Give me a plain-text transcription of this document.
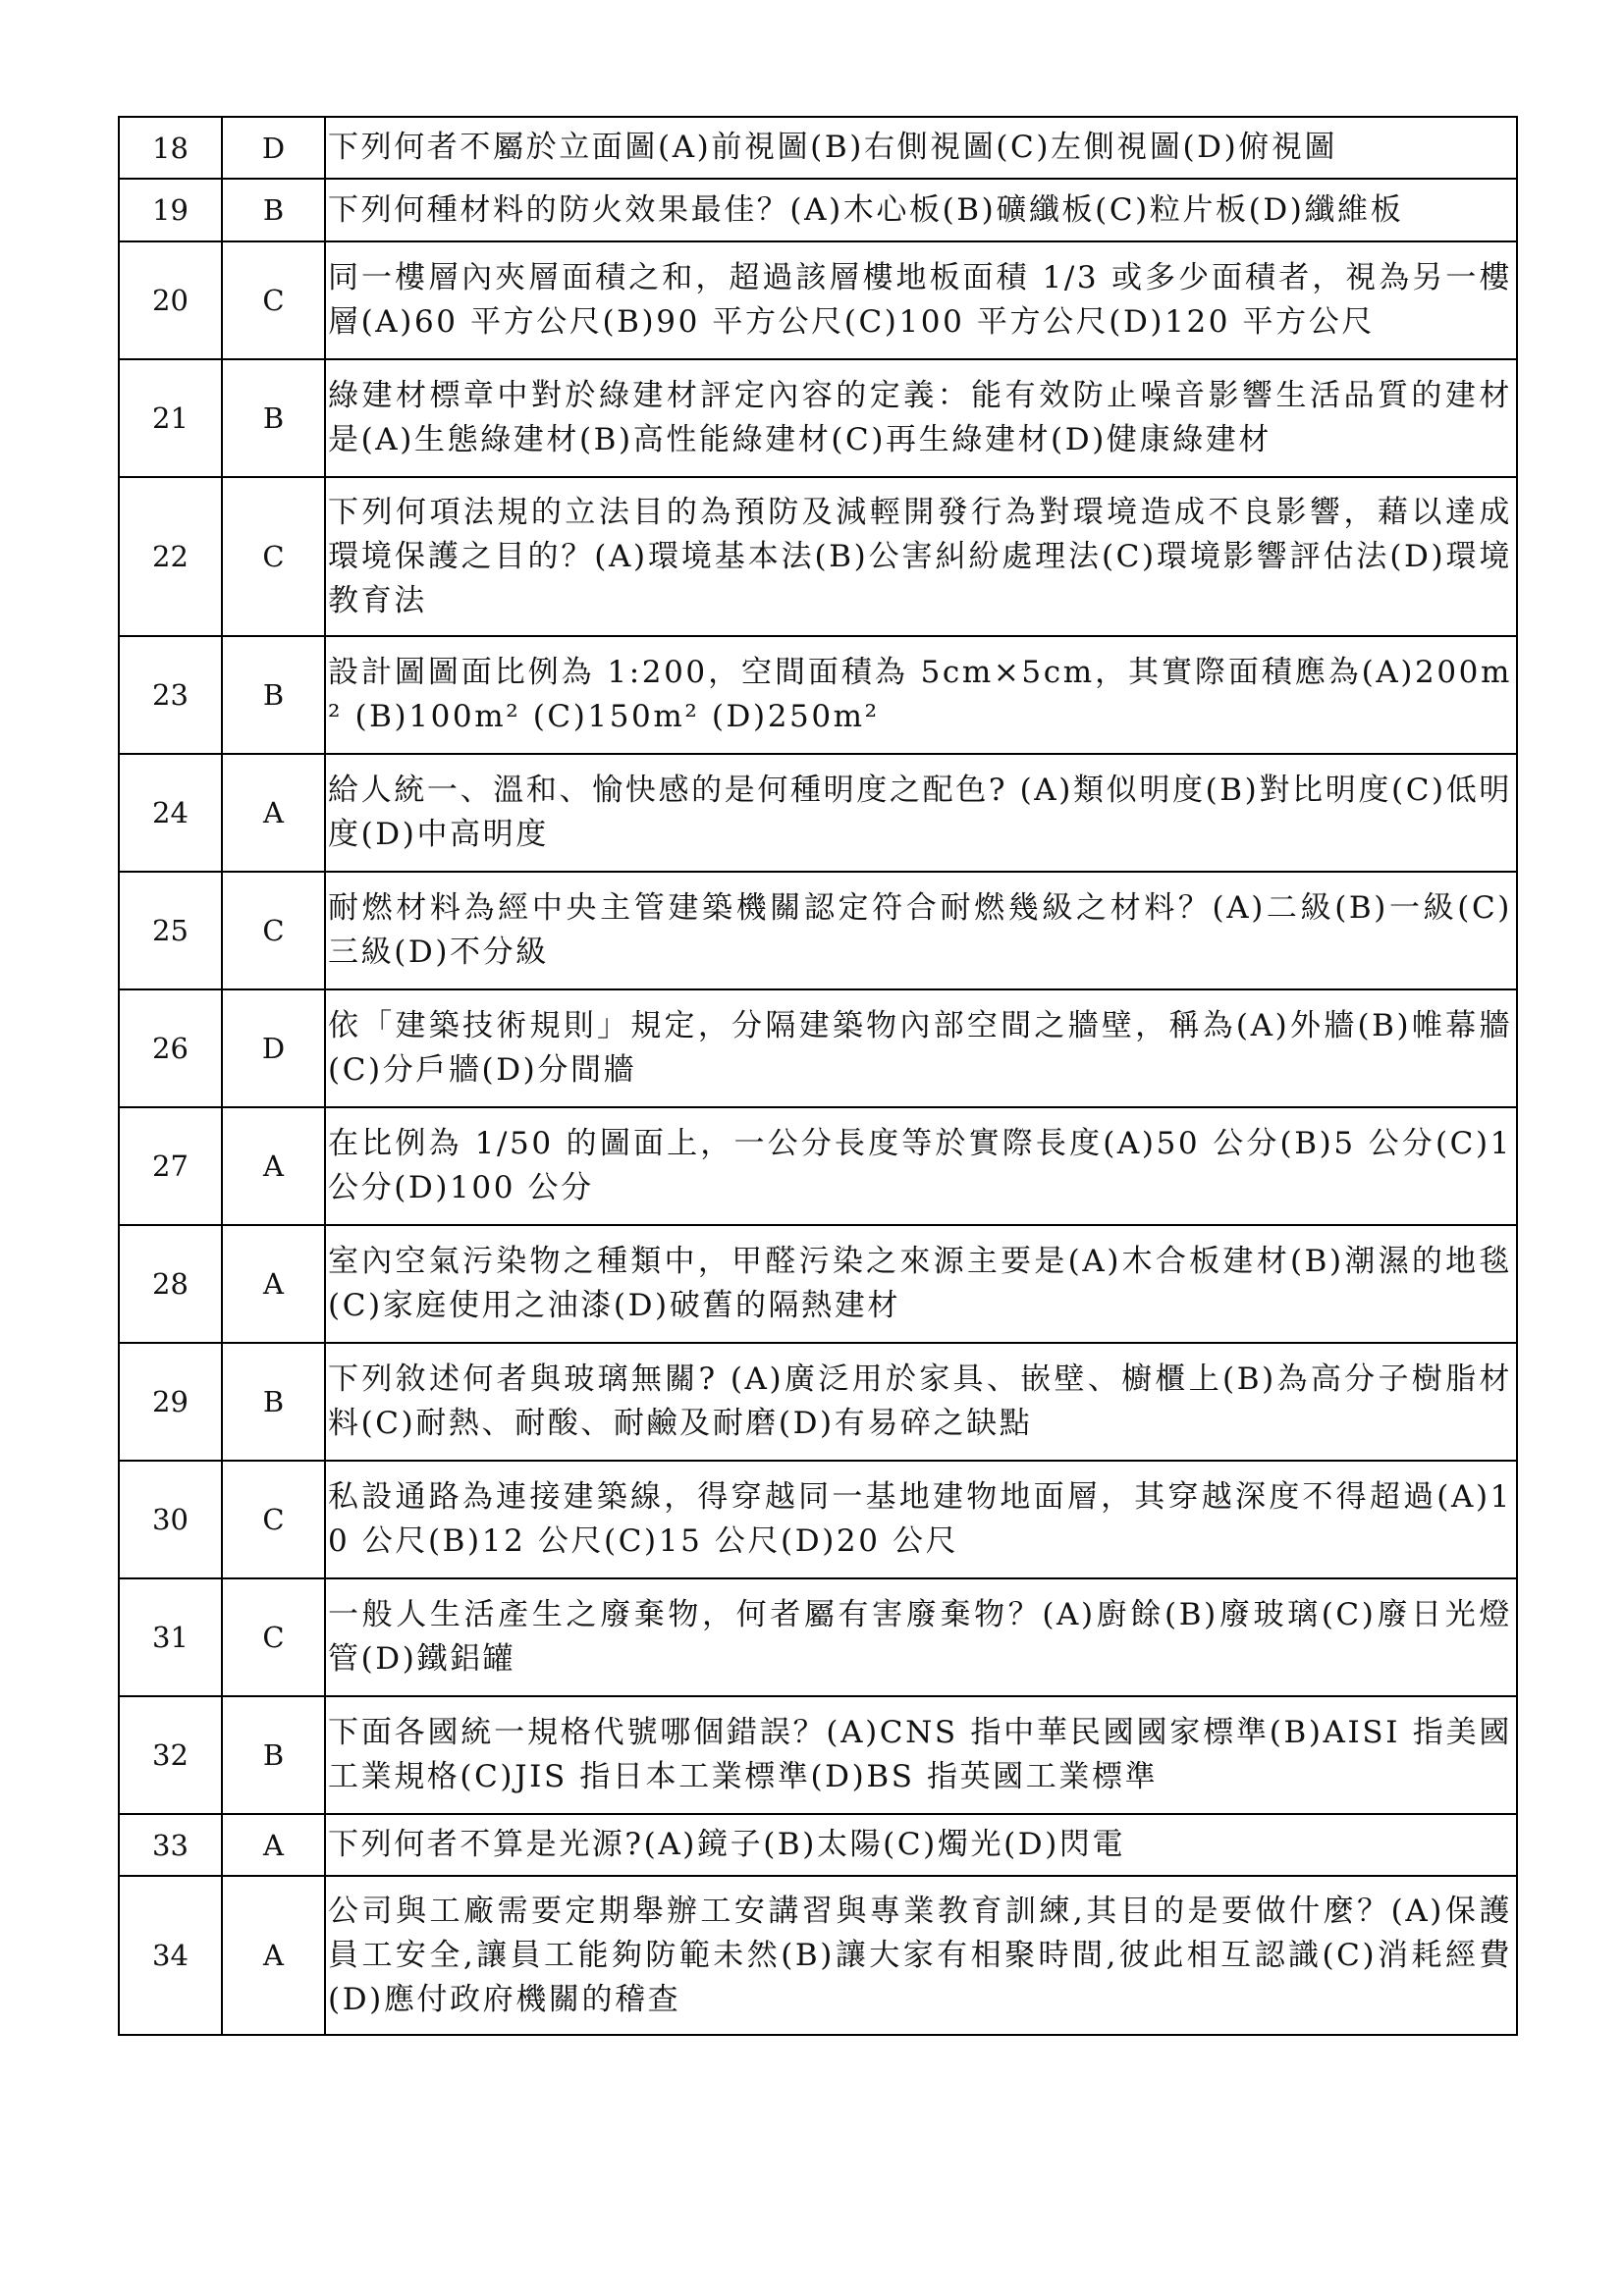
18	D	下列何者不屬於立面圖(A)前視圖(B)右側視圖(C)左側視圖(D)俯視圖
19	B	下列何種材料的防火效果最佳？(A)木心板(B)礦纖板(C)粒片板(D)纖維板
20	C	同一樓層內夾層面積之和，超過該層樓地板面積 1/3 或多少面積者，視為另一樓層(A)60 平方公尺(B)90 平方公尺(C)100 平方公尺(D)120 平方公尺
21	B	綠建材標章中對於綠建材評定內容的定義：能有效防止噪音影響生活品質的建材是(A)生態綠建材(B)高性能綠建材(C)再生綠建材(D)健康綠建材
22	C	下列何項法規的立法目的為預防及減輕開發行為對環境造成不良影響，藉以達成環境保護之目的？(A)環境基本法(B)公害糾紛處理法(C)環境影響評估法(D)環境教育法
23	B	設計圖圖面比例為 1:200，空間面積為 5cm×5cm，其實際面積應為(A)200m² (B)100m² (C)150m² (D)250m²
24	A	給人統一、溫和、愉快感的是何種明度之配色? (A)類似明度(B)對比明度(C)低明度(D)中高明度
25	C	耐燃材料為經中央主管建築機關認定符合耐燃幾級之材料？(A)二級(B)一級(C)三級(D)不分級
26	D	依「建築技術規則」規定，分隔建築物內部空間之牆壁，稱為(A)外牆(B)帷幕牆(C)分戶牆(D)分間牆
27	A	在比例為 1/50 的圖面上，一公分長度等於實際長度(A)50 公分(B)5 公分(C)1 公分(D)100 公分
28	A	室內空氣污染物之種類中，甲醛污染之來源主要是(A)木合板建材(B)潮濕的地毯 (C)家庭使用之油漆(D)破舊的隔熱建材
29	B	下列敘述何者與玻璃無關? (A)廣泛用於家具、嵌壁、櫥櫃上(B)為高分子樹脂材料(C)耐熱、耐酸、耐鹼及耐磨(D)有易碎之缺點
30	C	私設通路為連接建築線，得穿越同一基地建物地面層，其穿越深度不得超過(A)10 公尺(B)12 公尺(C)15 公尺(D)20 公尺
31	C	一般人生活產生之廢棄物，何者屬有害廢棄物？(A)廚餘(B)廢玻璃(C)廢日光燈管(D)鐵鋁罐
32	B	下面各國統一規格代號哪個錯誤？(A)CNS 指中華民國國家標準(B)AISI 指美國工業規格(C)JIS 指日本工業標準(D)BS 指英國工業標準
33	A	下列何者不算是光源?(A)鏡子(B)太陽(C)燭光(D)閃電
34	A	公司與工廠需要定期舉辦工安講習與專業教育訓練,其目的是要做什麼？(A)保護員工安全,讓員工能夠防範未然(B)讓大家有相聚時間,彼此相互認識(C)消耗經費(D)應付政府機關的稽查
